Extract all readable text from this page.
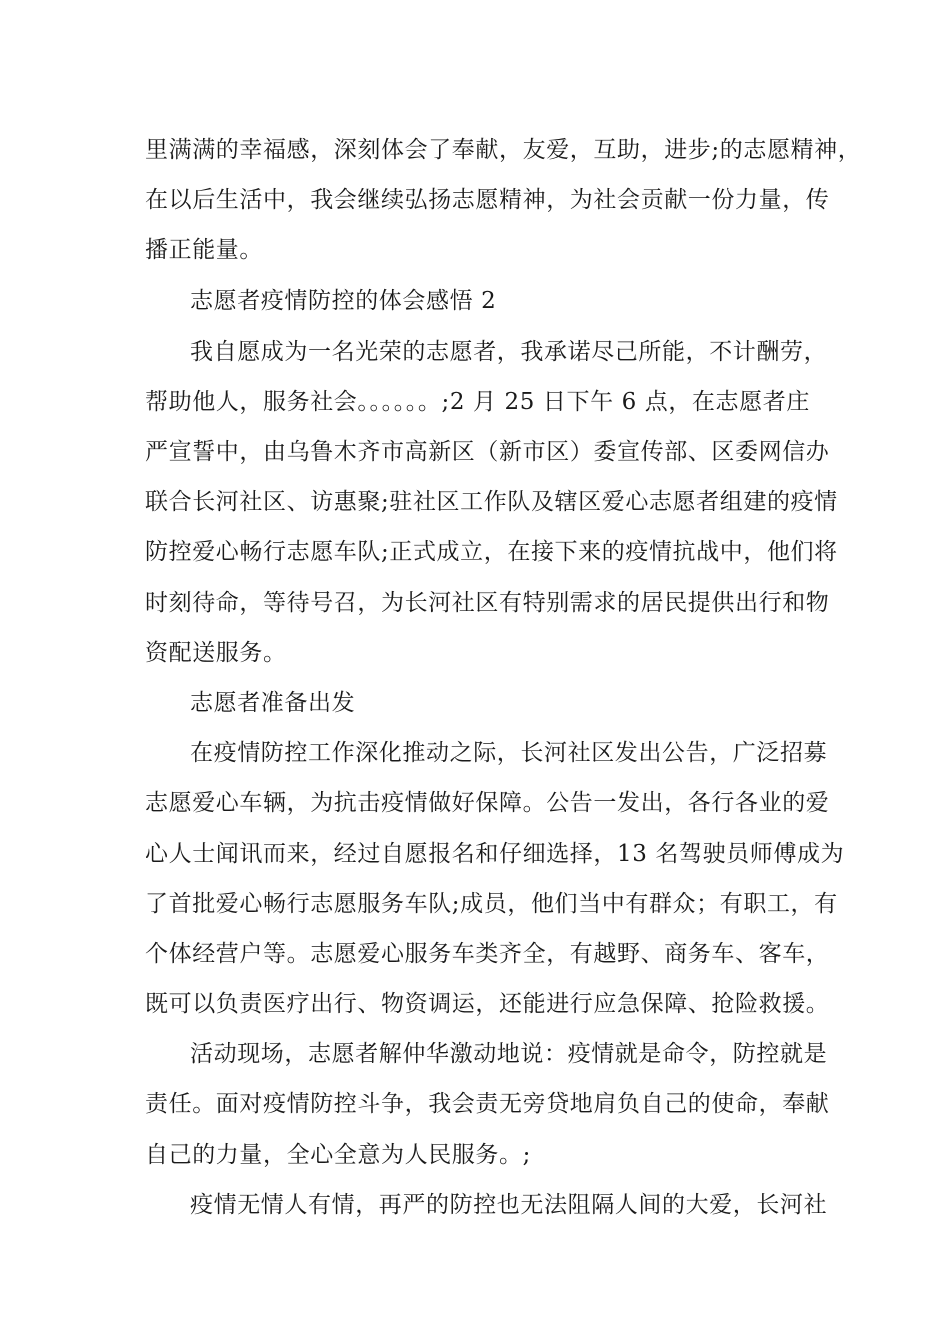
里满满的幸福感，深刻体会了奉献，友爱，互助，进步;的志愿精神，
在以后生活中，我会继续弘扬志愿精神，为社会贡献一份力量，传
播正能量。
志愿者疫情防控的体会感悟 2
我自愿成为一名光荣的志愿者，我承诺尽己所能，不计酬劳，
帮助他人，服务社会。。。。。。;2 月 25 日下午 6 点，在志愿者庄
严宣誓中，由乌鲁木齐市高新区（新市区）委宣传部、区委网信办
联合长河社区、访惠聚;驻社区工作队及辖区爱心志愿者组建的疫情
防控爱心畅行志愿车队;正式成立，在接下来的疫情抗战中，他们将
时刻待命，等待号召，为长河社区有特别需求的居民提供出行和物
资配送服务。
志愿者准备出发
在疫情防控工作深化推动之际，长河社区发出公告，广泛招募
志愿爱心车辆，为抗击疫情做好保障。公告一发出，各行各业的爱
心人士闻讯而来，经过自愿报名和仔细选择，13 名驾驶员师傅成为
了首批爱心畅行志愿服务车队;成员，他们当中有群众；有职工，有
个体经营户等。志愿爱心服务车类齐全，有越野、商务车、客车，
既可以负责医疗出行、物资调运，还能进行应急保障、抢险救援。
活动现场，志愿者解仲华激动地说：疫情就是命令，防控就是
责任。面对疫情防控斗争，我会责无旁贷地肩负自己的使命，奉献
自己的力量，全心全意为人民服务。;
疫情无情人有情，再严的防控也无法阻隔人间的大爱，长河社
